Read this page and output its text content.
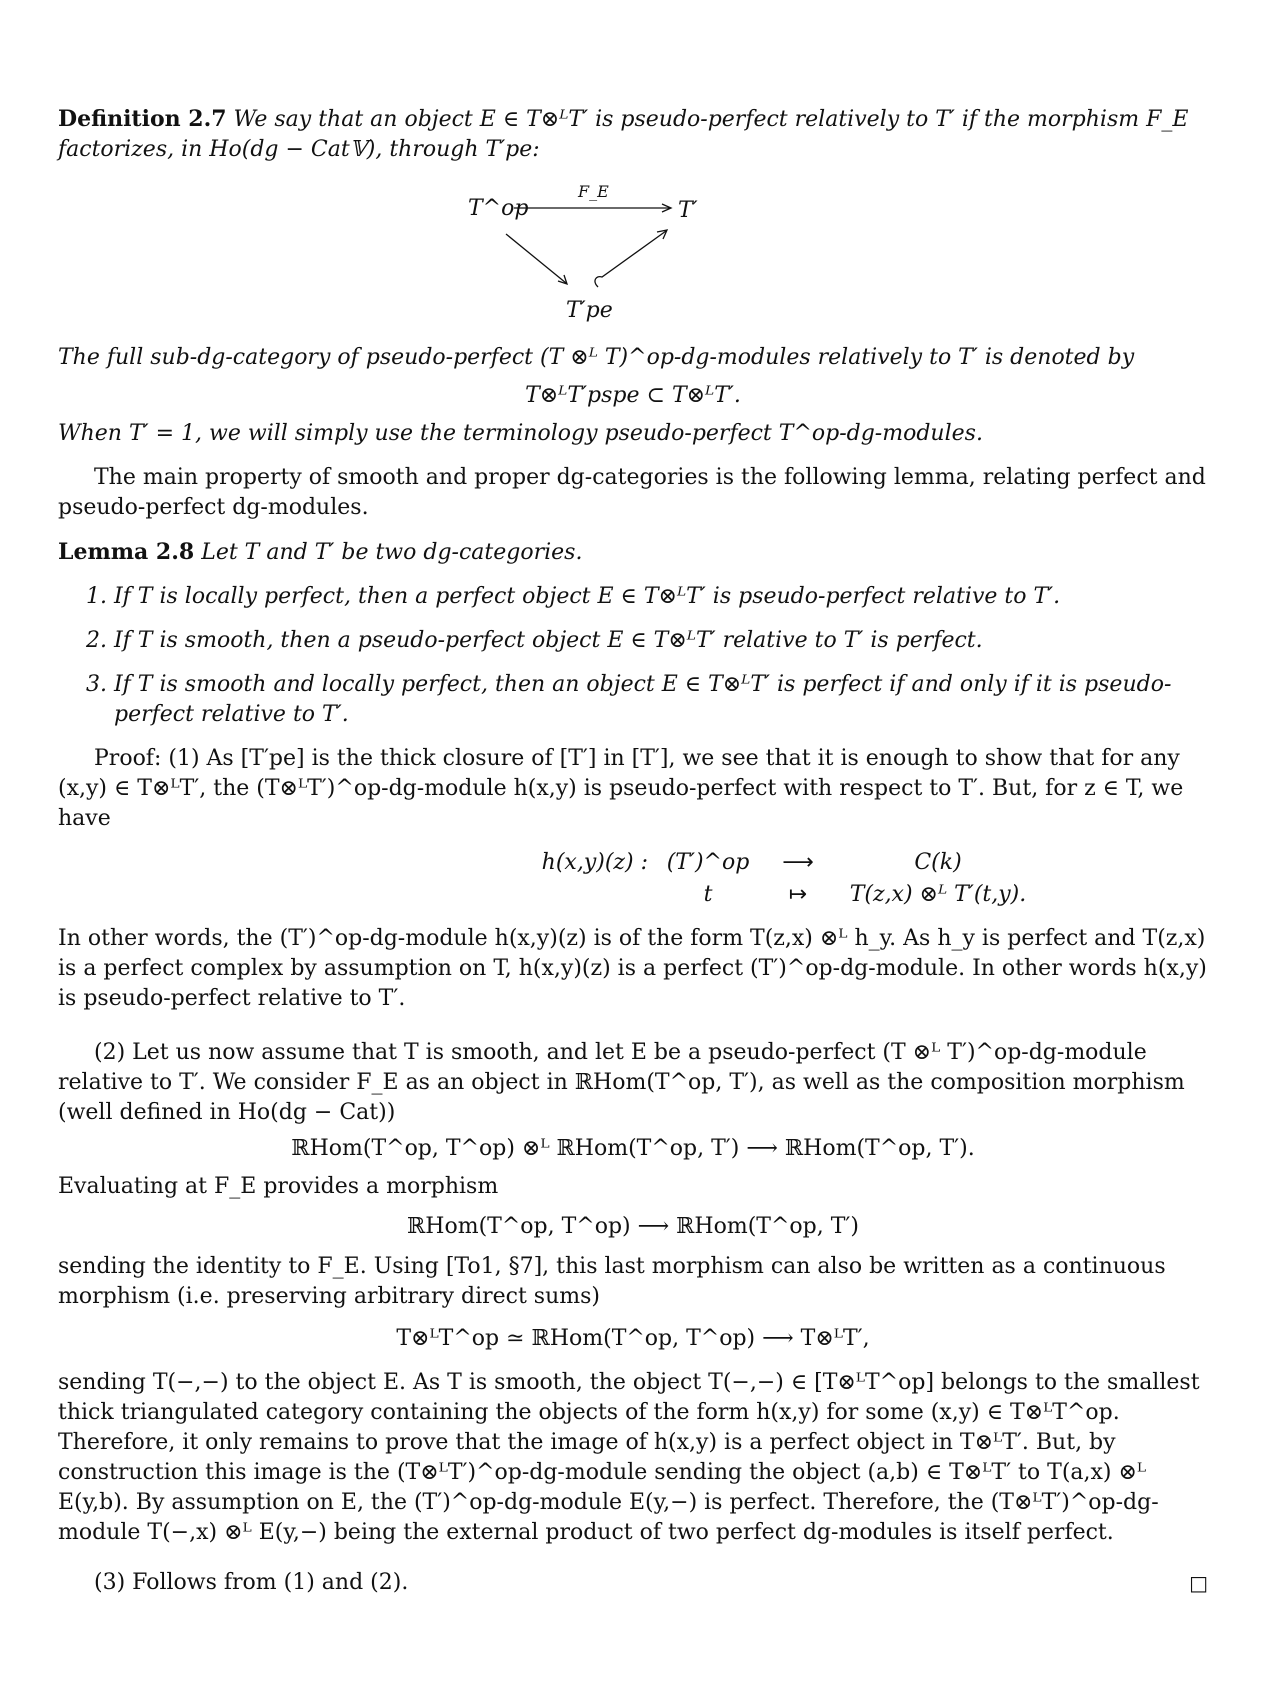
Definition 2.7 We say that an object E ∈ T⊗ᴸT′ is pseudo-perfect relatively to T′ if the morphism F_E
factorizes, in Ho(dg − Cat𝕍), through T′pe:

T^op
F_E
T′
T′pe

The full sub-dg-category of pseudo-perfect (T ⊗ᴸ T)^op-dg-modules relatively to T′ is denoted by

T⊗ᴸT′pspe ⊂ T⊗ᴸT′.

When T′ = 1, we will simply use the terminology pseudo-perfect T^op-dg-modules.

The main property of smooth and proper dg-categories is the following lemma, relating perfect and pseudo-perfect dg-modules.

Lemma 2.8 Let T and T′ be two dg-categories.

1. If T is locally perfect, then a perfect object E ∈ T⊗ᴸT′ is pseudo-perfect relative to T′.
2. If T is smooth, then a pseudo-perfect object E ∈ T⊗ᴸT′ relative to T′ is perfect.
3. If T is smooth and locally perfect, then an object E ∈ T⊗ᴸT′ is perfect if and only if it is pseudo-perfect relative to T′.

Proof: (1) As [T′pe] is the thick closure of [T′] in [T′], we see that it is enough to show that for any (x,y) ∈ T⊗ᴸT′, the (T⊗ᴸT′)^op-dg-module h(x,y) is pseudo-perfect with respect to T′. But, for z ∈ T, we have

h(x,y)(z) : (T′)^op	⟶	C(k)
t	↦	T(z,x) ⊗ᴸ T′(t,y).

In other words, the (T′)^op-dg-module h(x,y)(z) is of the form T(z,x) ⊗ᴸ h_y. As h_y is perfect and T(z,x) is a perfect complex by assumption on T, h(x,y)(z) is a perfect (T′)^op-dg-module. In other words h(x,y) is pseudo-perfect relative to T′.

(2) Let us now assume that T is smooth, and let E be a pseudo-perfect (T ⊗ᴸ T′)^op-dg-module relative to T′. We consider F_E as an object in ℝHom(T^op, T′), as well as the composition morphism (well defined in Ho(dg − Cat))

ℝHom(T^op, T^op) ⊗ᴸ ℝHom(T^op, T′) ⟶ ℝHom(T^op, T′).

Evaluating at F_E provides a morphism

ℝHom(T^op, T^op) ⟶ ℝHom(T^op, T′)

sending the identity to F_E. Using [To1, §7], this last morphism can also be written as a continuous morphism (i.e. preserving arbitrary direct sums)

T⊗ᴸT^op ≃ ℝHom(T^op, T^op) ⟶ T⊗ᴸT′,

sending T(−,−) to the object E. As T is smooth, the object T(−,−) ∈ [T⊗ᴸT^op] belongs to the smallest thick triangulated category containing the objects of the form h(x,y) for some (x,y) ∈ T⊗ᴸT^op. Therefore, it only remains to prove that the image of h(x,y) is a perfect object in T⊗ᴸT′. But, by construction this image is the (T⊗ᴸT′)^op-dg-module sending the object (a,b) ∈ T⊗ᴸT′ to T(a,x) ⊗ᴸ E(y,b). By assumption on E, the (T′)^op-dg-module E(y,−) is perfect. Therefore, the (T⊗ᴸT′)^op-dg-module T(−,x) ⊗ᴸ E(y,−) being the external product of two perfect dg-modules is itself perfect.

(3) Follows from (1) and (2).	□
